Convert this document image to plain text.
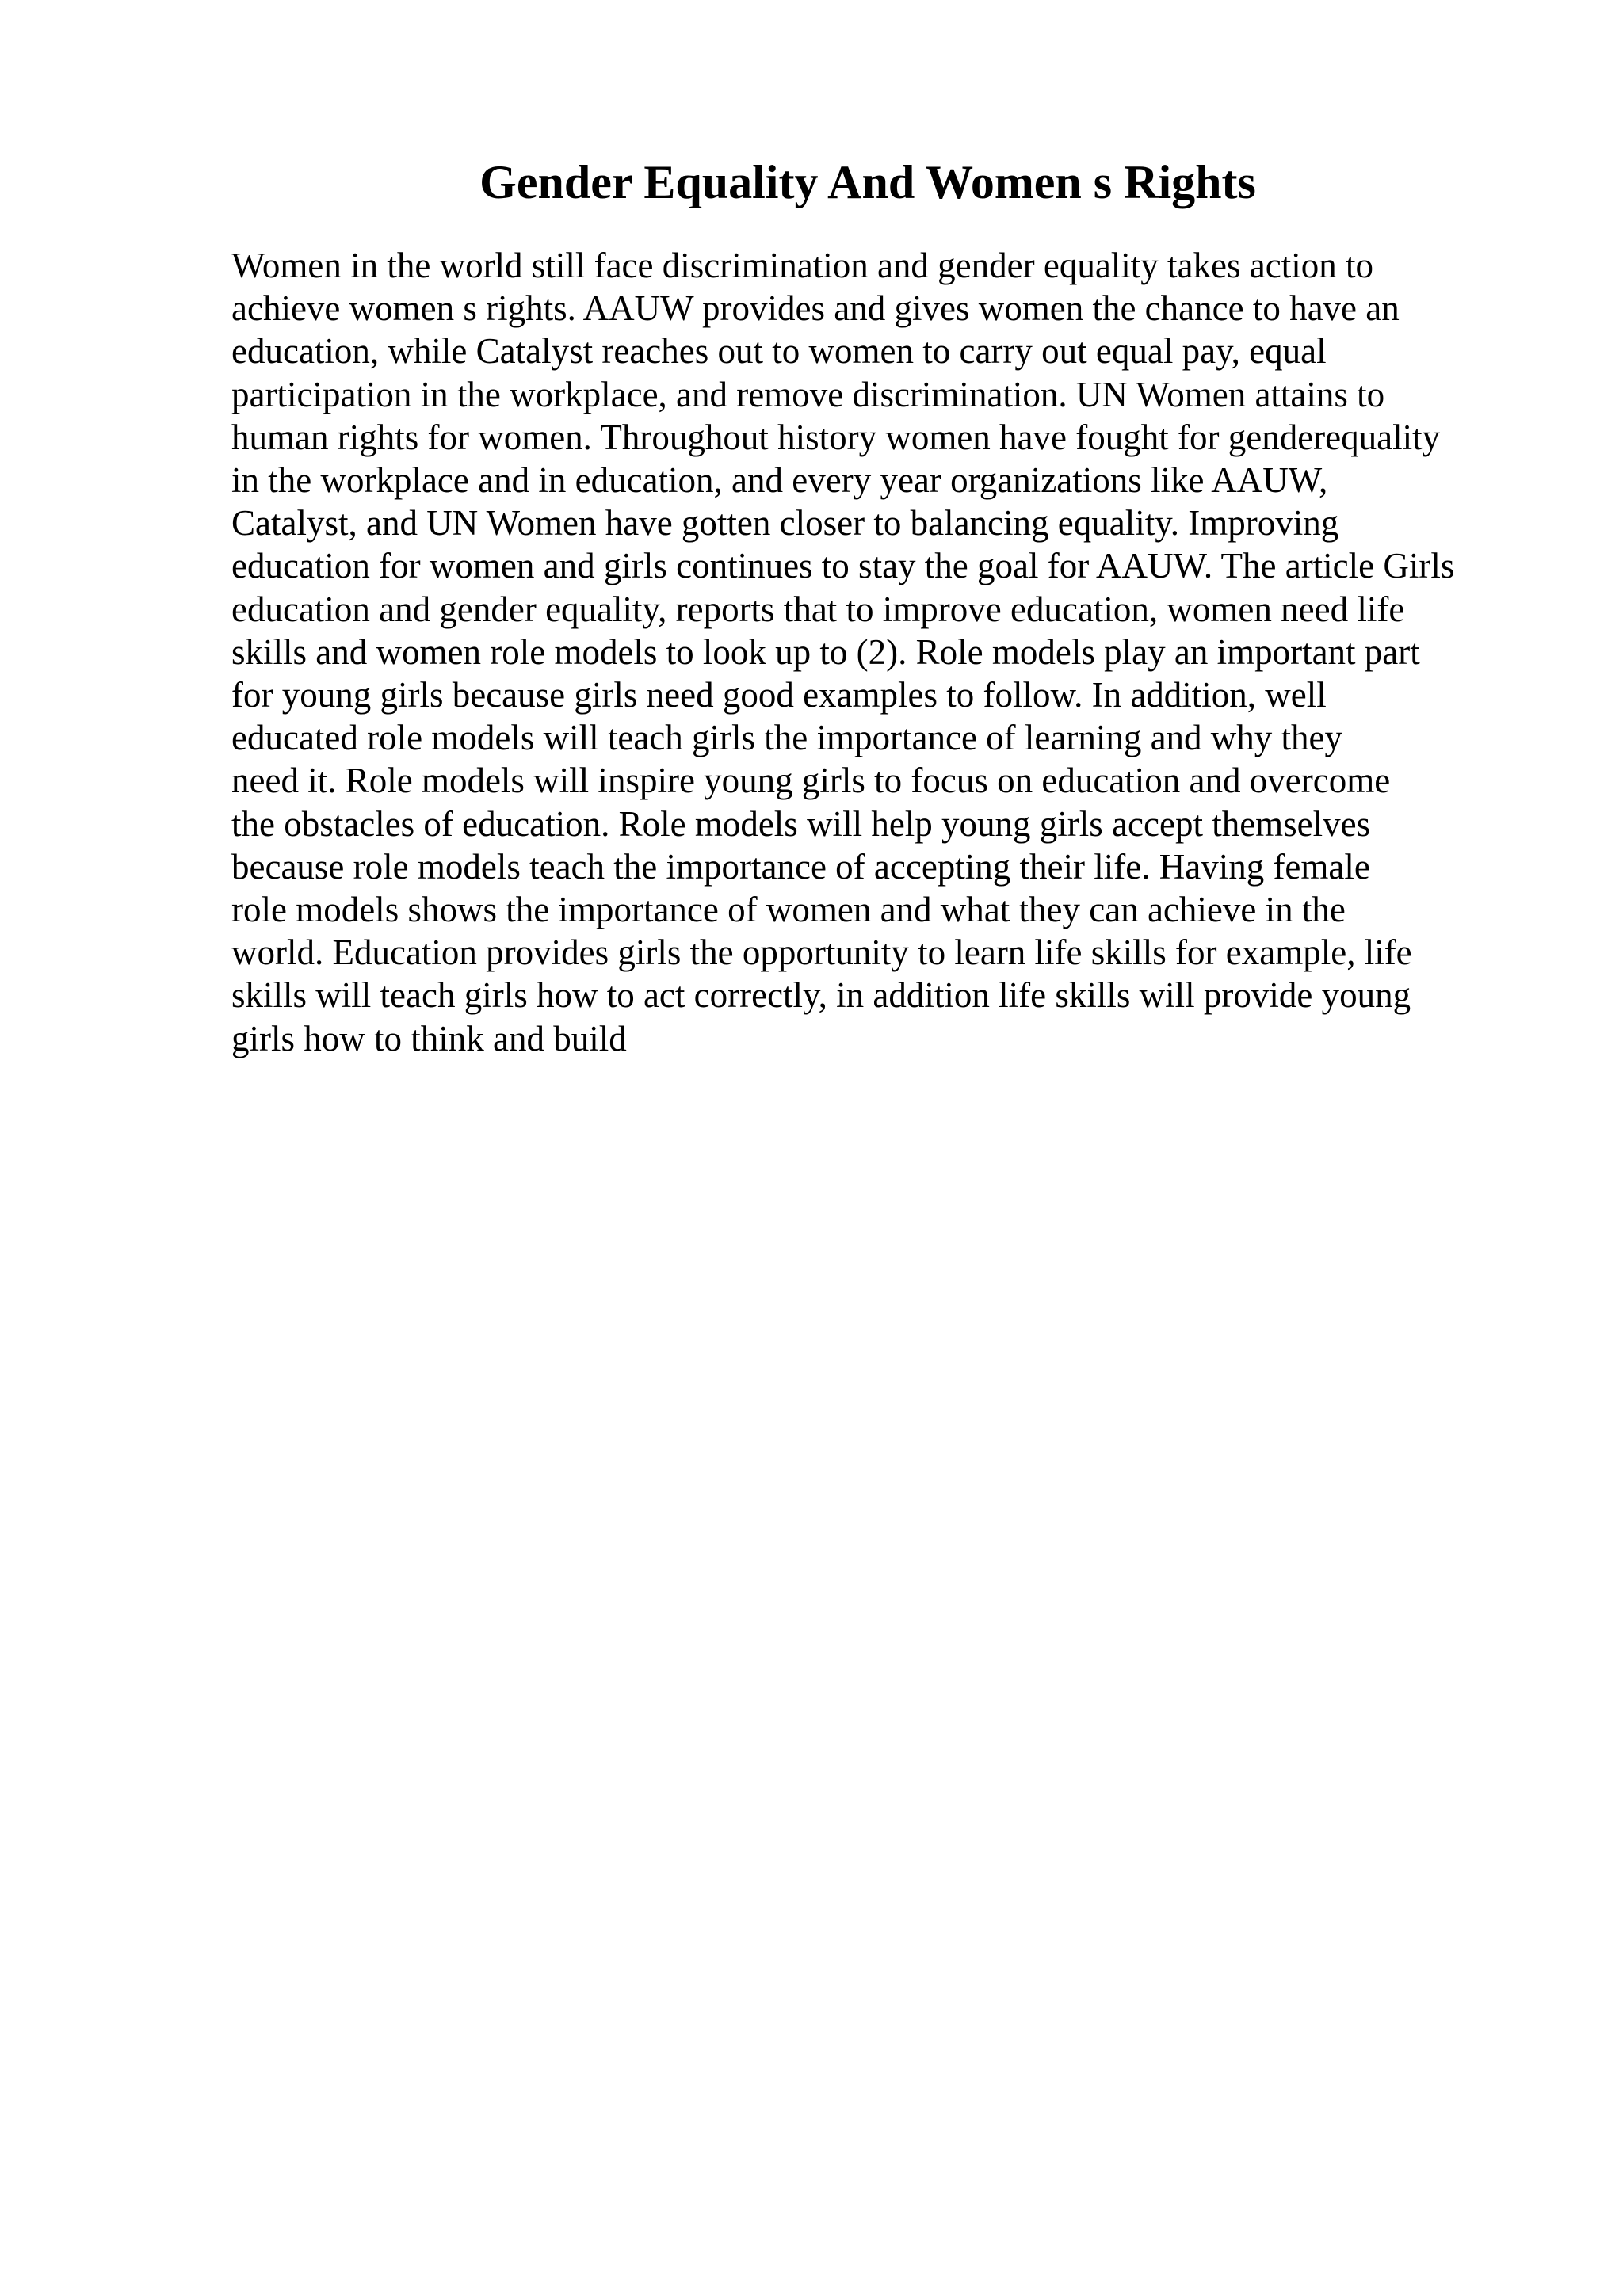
Gender Equality And Women s Rights
Women in the world still face discrimination and gender equality takes action to
achieve women s rights. AAUW provides and gives women the chance to have an
education, while Catalyst reaches out to women to carry out equal pay, equal
participation in the workplace, and remove discrimination. UN Women attains to
human rights for women. Throughout history women have fought for genderequality
in the workplace and in education, and every year organizations like AAUW,
Catalyst, and UN Women have gotten closer to balancing equality. Improving
education for women and girls continues to stay the goal for AAUW. The article Girls
education and gender equality, reports that to improve education, women need life
skills and women role models to look up to (2). Role models play an important part
for young girls because girls need good examples to follow. In addition, well
educated role models will teach girls the importance of learning and why they
need it. Role models will inspire young girls to focus on education and overcome
the obstacles of education. Role models will help young girls accept themselves
because role models teach the importance of accepting their life. Having female
role models shows the importance of women and what they can achieve in the
world. Education provides girls the opportunity to learn life skills for example, life
skills will teach girls how to act correctly, in addition life skills will provide young
girls how to think and build
